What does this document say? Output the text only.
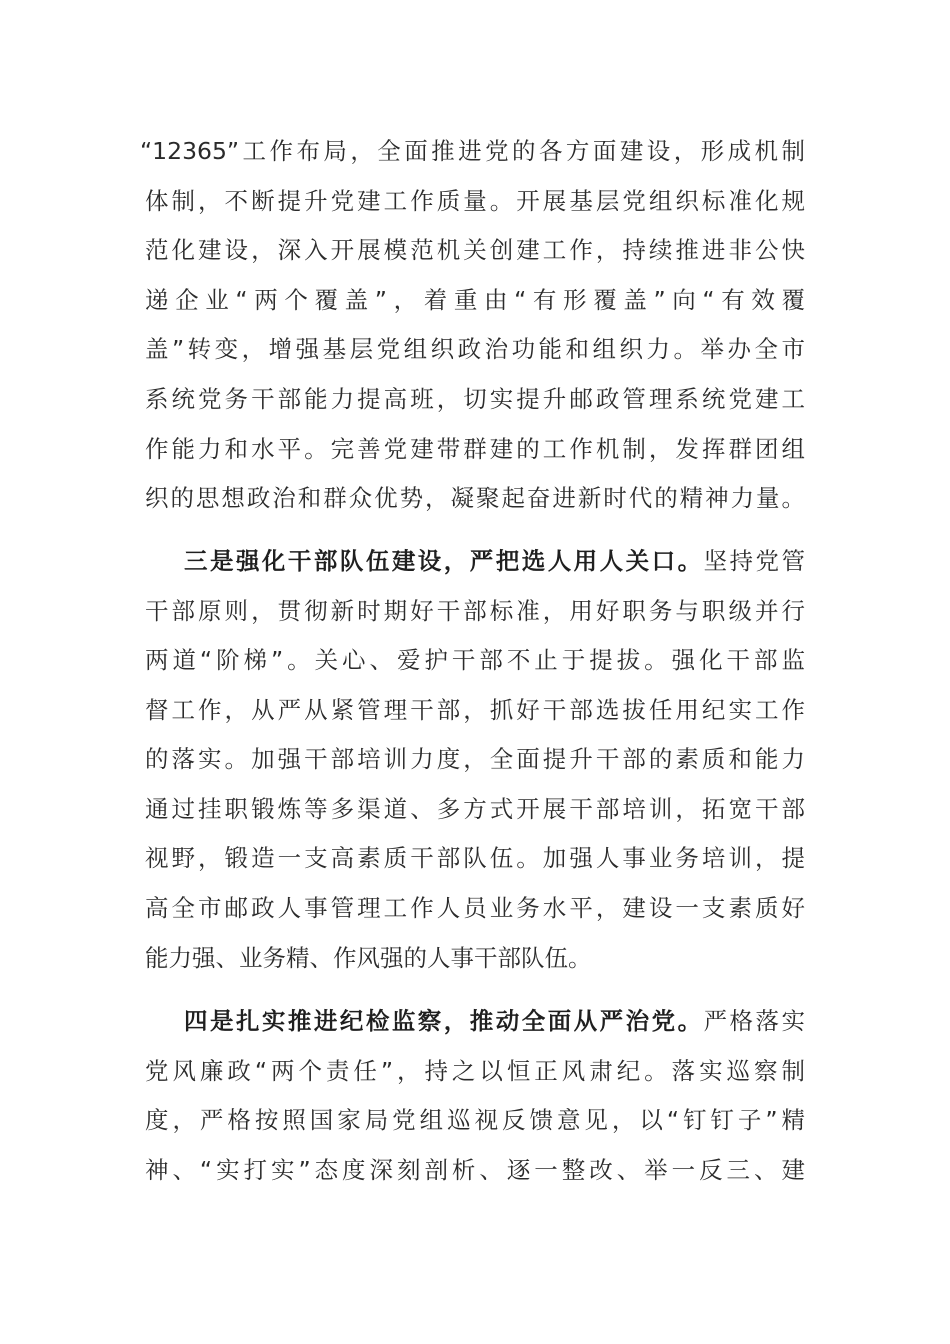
“12365”工作布局，全面推进党的各方面建设，形成机制
体制，不断提升党建工作质量。开展基层党组织标准化规
范化建设，深入开展模范机关创建工作，持续推进非公快
递企业“两个覆盖”，着重由“有形覆盖”向“有效覆
盖”转变，增强基层党组织政治功能和组织力。举办全市
系统党务干部能力提高班，切实提升邮政管理系统党建工
作能力和水平。完善党建带群建的工作机制，发挥群团组
织的思想政治和群众优势，凝聚起奋进新时代的精神力量。
三是强化干部队伍建设，严把选人用人关口。坚持党管
干部原则，贯彻新时期好干部标准，用好职务与职级并行
两道“阶梯”。关心、爱护干部不止于提拔。强化干部监
督工作，从严从紧管理干部，抓好干部选拔任用纪实工作
的落实。加强干部培训力度，全面提升干部的素质和能力
通过挂职锻炼等多渠道、多方式开展干部培训，拓宽干部
视野，锻造一支高素质干部队伍。加强人事业务培训，提
高全市邮政人事管理工作人员业务水平，建设一支素质好
能力强、业务精、作风强的人事干部队伍。
四是扎实推进纪检监察，推动全面从严治党。严格落实
党风廉政“两个责任”，持之以恒正风肃纪。落实巡察制
度，严格按照国家局党组巡视反馈意见，以“钉钉子”精
神、“实打实”态度深刻剖析、逐一整改、举一反三、建
